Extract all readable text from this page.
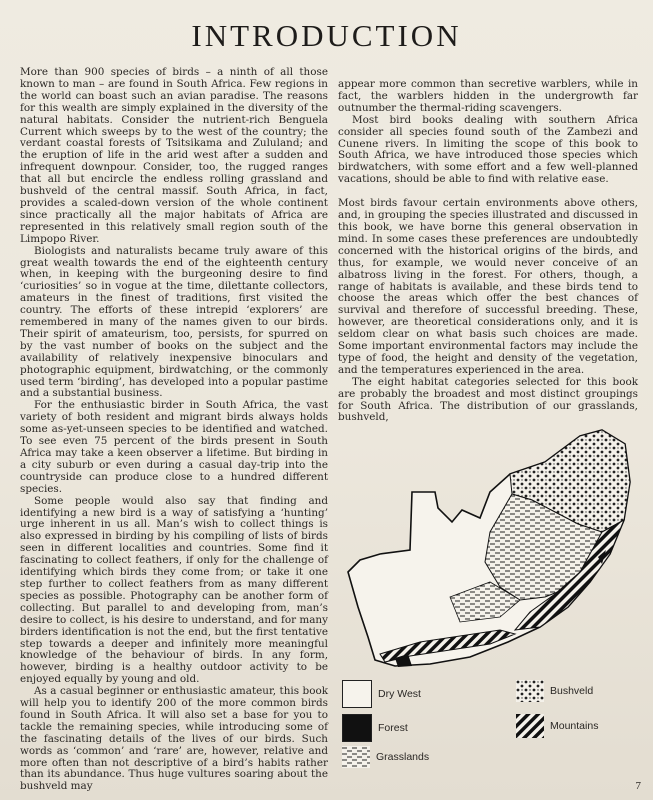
INTRODUCTION

More than 900 species of birds – a ninth of all those known to man – are found in South Africa. Few regions in the world can boast such an avian paradise. The reasons for this wealth are simply explained in the diversity of the natural habitats. Consider the nutrient-rich Benguela Current which sweeps by to the west of the country; the verdant coastal forests of Tsitsikama and Zululand; and the eruption of life in the arid west after a sudden and infrequent downpour. Consider, too, the rugged ranges that all but encircle the endless rolling grassland and bushveld of the central massif. South Africa, in fact, provides a scaled-down version of the whole continent since practically all the major habitats of Africa are represented in this relatively small region south of the Limpopo River.

Biologists and naturalists became truly aware of this great wealth towards the end of the eighteenth century when, in keeping with the burgeoning desire to find ‘curiosities’ so in vogue at the time, dilettante collectors, amateurs in the finest of traditions, first visited the country. The efforts of these intrepid ‘explorers’ are remembered in many of the names given to our birds. Their spirit of amateurism, too, persists, for spurred on by the vast number of books on the subject and the availability of relatively inexpensive binoculars and photographic equipment, birdwatching, or the commonly used term ‘birding’, has developed into a popular pastime and a substantial business.

For the enthusiastic birder in South Africa, the vast variety of both resident and migrant birds always holds some as-yet-unseen species to be identified and watched. To see even 75 percent of the birds present in South Africa may take a keen observer a lifetime. But birding in a city suburb or even during a casual day-trip into the countryside can produce close to a hundred different species.

Some people would also say that finding and identifying a new bird is a way of satisfying a ‘hunting’ urge inherent in us all. Man’s wish to collect things is also expressed in birding by his compiling of lists of birds seen in different localities and countries. Some find it fascinating to collect feathers, if only for the challenge of identifying which birds they come from; or take it one step further to collect feathers from as many different species as possible. Photography can be another form of collecting. But parallel to and developing from, man’s desire to collect, is his desire to understand, and for many birders identification is not the end, but the first tentative step towards a deeper and infinitely more meaningful knowledge of the behaviour of birds. In any form, however, birding is a healthy outdoor activity to be enjoyed equally by young and old.

As a casual beginner or enthusiastic amateur, this book will help you to identify 200 of the more common birds found in South Africa. It will also set a base for you to tackle the remaining species, while introducing some of the fascinating details of the lives of our birds. Such words as ‘common’ and ‘rare’ are, however, relative and more often than not descriptive of a bird’s habits rather than its abundance. Thus huge vultures soaring about the bushveld may

appear more common than secretive warblers, while in fact, the warblers hidden in the undergrowth far outnumber the thermal-riding scavengers.

Most bird books dealing with southern Africa consider all species found south of the Zambezi and Cunene rivers. In limiting the scope of this book to South Africa, we have introduced those species which birdwatchers, with some effort and a few well-planned vacations, should be able to find with relative ease.

Most birds favour certain environments above others, and, in grouping the species illustrated and discussed in this book, we have borne this general observation in mind. In some cases these preferences are undoubtedly concerned with the historical origins of the birds, and thus, for example, we would never conceive of an albatross living in the forest. For others, though, a range of habitats is available, and these birds tend to choose the areas which offer the best chances of survival and therefore of successful breeding. These, however, are theoretical considerations only, and it is seldom clear on what basis such choices are made. Some important environmental factors may include the type of food, the height and density of the vegetation, and the temperatures experienced in the area.

The eight habitat categories selected for this book are probably the broadest and most distinct groupings for South Africa. The distribution of our grasslands, bushveld,

Dry West
Forest
Grasslands
Bushveld
Mountains
7
